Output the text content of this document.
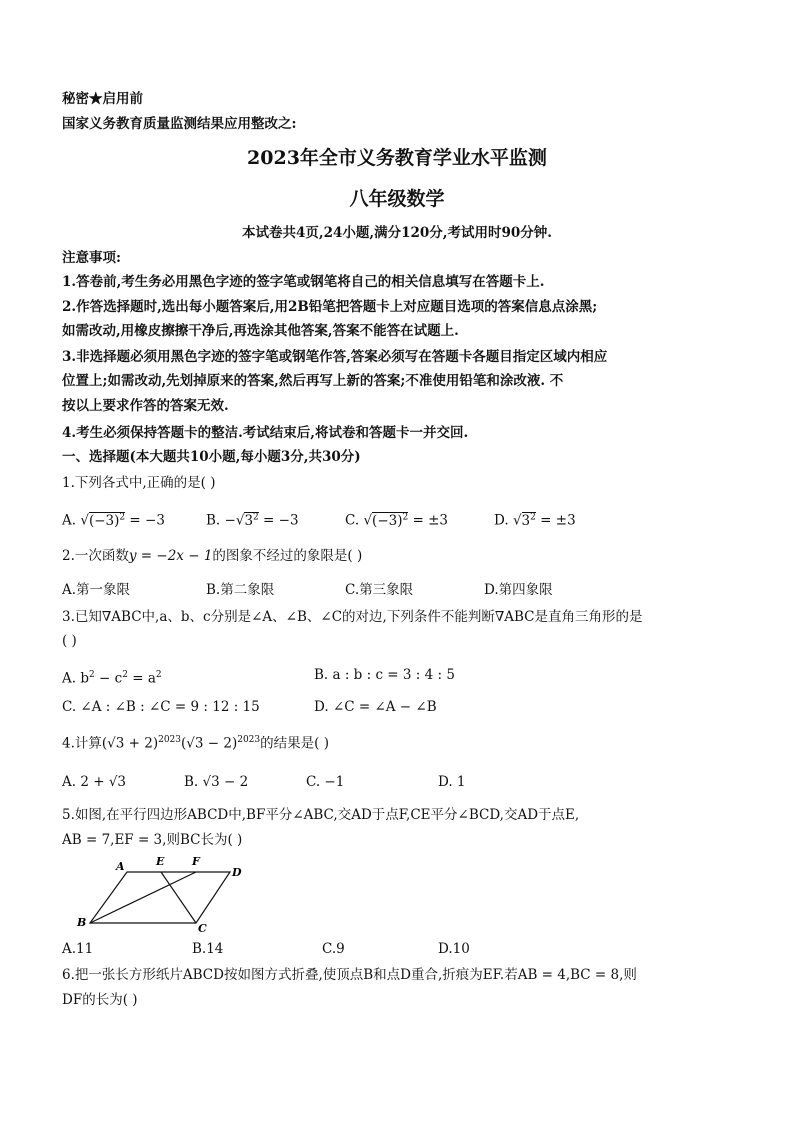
秘密★启用前
国家义务教育质量监测结果应用整改之:
2023年全市义务教育学业水平监测
八年级数学
本试卷共4页,24小题,满分120分,考试用时90分钟.
注意事项:
1.答卷前,考生务必用黑色字迹的签字笔或钢笔将自己的相关信息填写在答题卡上.
2.作答选择题时,选出每小题答案后,用2B铅笔把答题卡上对应题目选项的答案信息点涂黑;
如需改动,用橡皮擦擦干净后,再选涂其他答案,答案不能答在试题上.
3.非选择题必须用黑色字迹的签字笔或钢笔作答,答案必须写在答题卡各题目指定区域内相应
位置上;如需改动,先划掉原来的答案,然后再写上新的答案;不准使用铅笔和涂改液. 不
按以上要求作答的答案无效.
4.考生必须保持答题卡的整洁.考试结束后,将试卷和答题卡一并交回.
一、选择题(本大题共10小题,每小题3分,共30分)
1.下列各式中,正确的是( )
A. $√(-3)^2 = -3$	B. $-√3^2 = -3$	C. $√(-3)^2 = \pm 3$	D. $√3^2 = \pm 3$
2.一次函数y = −2x − 1的图象不经过的象限是( )
A.第一象限	B.第二象限	C.第三象限	D.第四象限
3.已知∇ABC中,a、b、c分别是∠A、∠B、∠C的对边,下列条件不能判断∇ABC是直角三角形的是
( )
A. $b^2 - c^2 = a^2$	B. a : b : c = 3 : 4 : 5
C. ∠A : ∠B : ∠C = 9 : 12 : 15	D. ∠C = ∠A − ∠B
4.计算$(√3 + 2)^{2023}(√3 - 2)^{2023}$的结果是( )
A. 2 + √3	B. √3 − 2	C. −1	D. 1
5.如图,在平行四边形ABCD中,BF平分∠ABC,交AD于点F,CE平分∠BCD,交AD于点E,
AB = 7,EF = 3,则BC长为( )
A	E	F
D
B	C
A.11	B.14	C.9	D.10
6.把一张长方形纸片ABCD按如图方式折叠,使顶点B和点D重合,折痕为EF.若AB = 4,BC = 8,则
DF的长为( )
